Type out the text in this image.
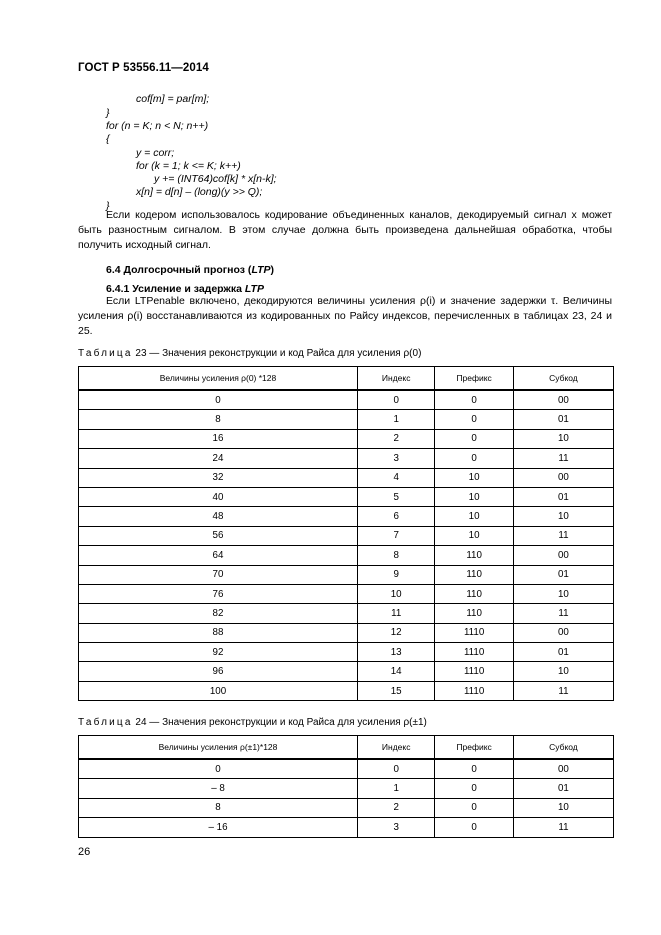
ГОСТ Р 53556.11—2014
cof[m] = par[m];
}
for (n = K; n < N; n++)
{
y = corr;
for (k = 1; k <= K; k++)
y += (INT64)cof[k] * x[n-k];
x[n] = d[n] – (long)(y >> Q);
}
Если кодером использовалось кодирование объединенных каналов, декодируемый сигнал x может быть разностным сигналом. В этом случае должна быть произведена дальнейшая обработка, чтобы получить исходный сигнал.
6.4 Долгосрочный прогноз (LTP)
6.4.1 Усиление и задержка LTP
Если LTPenable включено, декодируются величины усиления ρ(i) и значение задержки τ. Величины усиления ρ(i) восстанавливаются из кодированных по Райсу индексов, перечисленных в таблицах 23, 24 и 25.
Таблица 23 — Значения реконструкции и код Райса для усиления ρ(0)
Величины усиления ρ(0) *128	Индекс	Префикс	Субкод
0	0	0	00
8	1	0	01
16	2	0	10
24	3	0	11
32	4	10	00
40	5	10	01
48	6	10	10
56	7	10	11
64	8	110	00
70	9	110	01
76	10	110	10
82	11	110	11
88	12	1110	00
92	13	1110	01
96	14	1110	10
100	15	1110	11
Таблица 24 — Значения реконструкции и код Райса для усиления ρ(±1)
Величины усиления ρ(±1)*128	Индекс	Префикс	Субкод
0	0	0	00
– 8	1	0	01
8	2	0	10
– 16	3	0	11
26
